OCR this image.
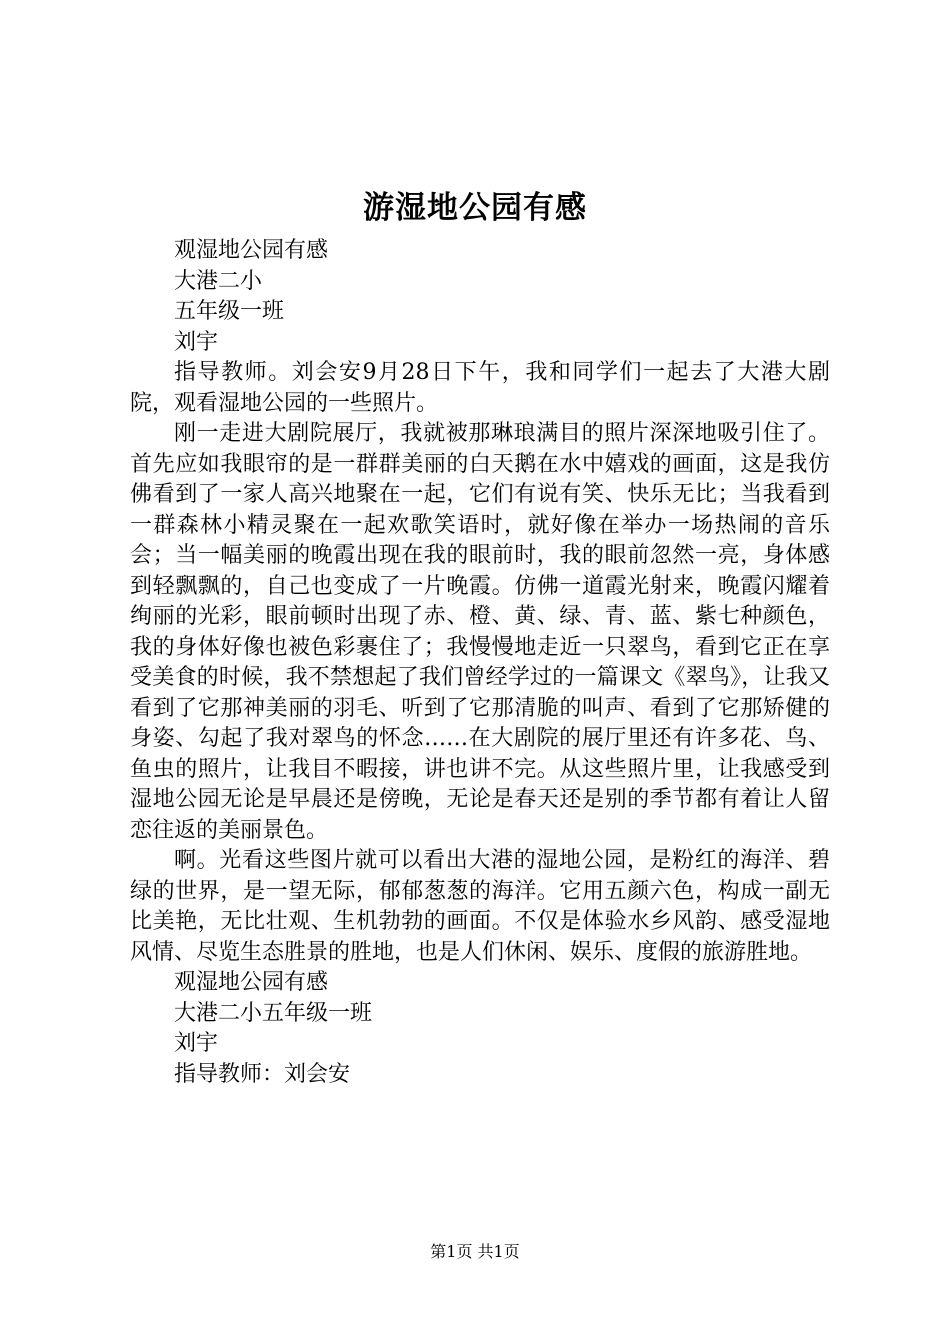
游湿地公园有感

观湿地公园有感

大港二小

五年级一班

刘宇

指导教师。刘会安9月28日下午，我和同学们一起去了大港大剧院，观看湿地公园的一些照片。

刚一走进大剧院展厅，我就被那琳琅满目的照片深深地吸引住了。首先应如我眼帘的是一群群美丽的白天鹅在水中嬉戏的画面，这是我仿佛看到了一家人高兴地聚在一起，它们有说有笑、快乐无比；当我看到一群森林小精灵聚在一起欢歌笑语时，就好像在举办一场热闹的音乐会；当一幅美丽的晚霞出现在我的眼前时，我的眼前忽然一亮，身体感到轻飘飘的，自己也变成了一片晚霞。仿佛一道霞光射来，晚霞闪耀着绚丽的光彩，眼前顿时出现了赤、橙、黄、绿、青、蓝、紫七种颜色，我的身体好像也被色彩裹住了；我慢慢地走近一只翠鸟，看到它正在享受美食的时候，我不禁想起了我们曾经学过的一篇课文《翠鸟》，让我又看到了它那神美丽的羽毛、听到了它那清脆的叫声、看到了它那矫健的身姿、勾起了我对翠鸟的怀念……在大剧院的展厅里还有许多花、鸟、鱼虫的照片，让我目不暇接，讲也讲不完。从这些照片里，让我感受到湿地公园无论是早晨还是傍晚，无论是春天还是别的季节都有着让人留恋往返的美丽景色。

啊。光看这些图片就可以看出大港的湿地公园，是粉红的海洋、碧绿的世界，是一望无际，郁郁葱葱的海洋。它用五颜六色，构成一副无比美艳，无比壮观、生机勃勃的画面。不仅是体验水乡风韵、感受湿地风情、尽览生态胜景的胜地，也是人们休闲、娱乐、度假的旅游胜地。

观湿地公园有感

大港二小五年级一班

刘宇

指导教师：刘会安

第1页 共1页
